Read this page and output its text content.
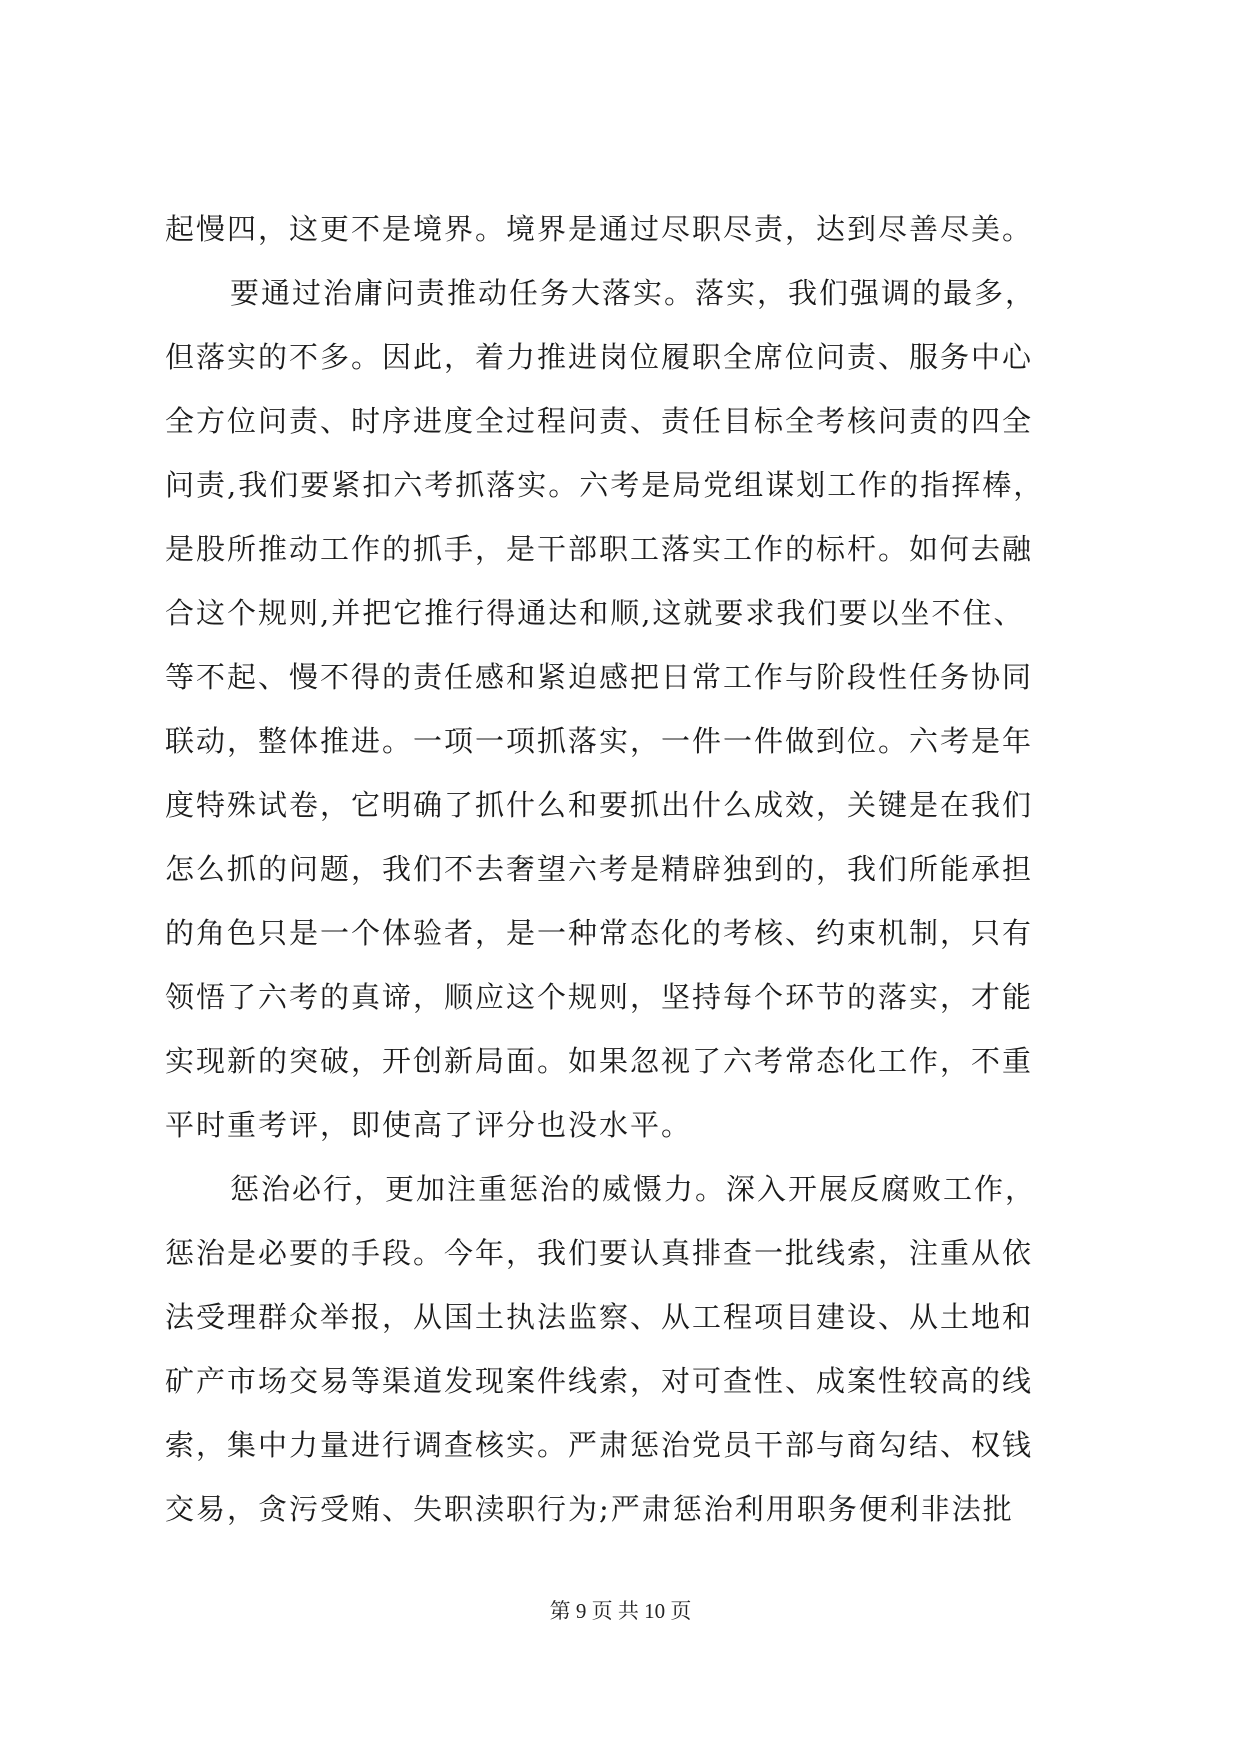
起慢四，这更不是境界。境界是通过尽职尽责，达到尽善尽美。
要通过治庸问责推动任务大落实。落实，我们强调的最多，
但落实的不多。因此，着力推进岗位履职全席位问责、服务中心
全方位问责、时序进度全过程问责、责任目标全考核问责的四全
问责,我们要紧扣六考抓落实。六考是局党组谋划工作的指挥棒，
是股所推动工作的抓手，是干部职工落实工作的标杆。如何去融
合这个规则,并把它推行得通达和顺,这就要求我们要以坐不住、
等不起、慢不得的责任感和紧迫感把日常工作与阶段性任务协同
联动，整体推进。一项一项抓落实，一件一件做到位。六考是年
度特殊试卷，它明确了抓什么和要抓出什么成效，关键是在我们
怎么抓的问题，我们不去奢望六考是精辟独到的，我们所能承担
的角色只是一个体验者，是一种常态化的考核、约束机制，只有
领悟了六考的真谛，顺应这个规则，坚持每个环节的落实，才能
实现新的突破，开创新局面。如果忽视了六考常态化工作，不重
平时重考评，即使高了评分也没水平。
惩治必行，更加注重惩治的威慑力。深入开展反腐败工作，
惩治是必要的手段。今年，我们要认真排查一批线索，注重从依
法受理群众举报，从国土执法监察、从工程项目建设、从土地和
矿产市场交易等渠道发现案件线索，对可查性、成案性较高的线
索，集中力量进行调查核实。严肃惩治党员干部与商勾结、权钱
交易，贪污受贿、失职渎职行为;严肃惩治利用职务便利非法批
第 9 页 共 10 页
